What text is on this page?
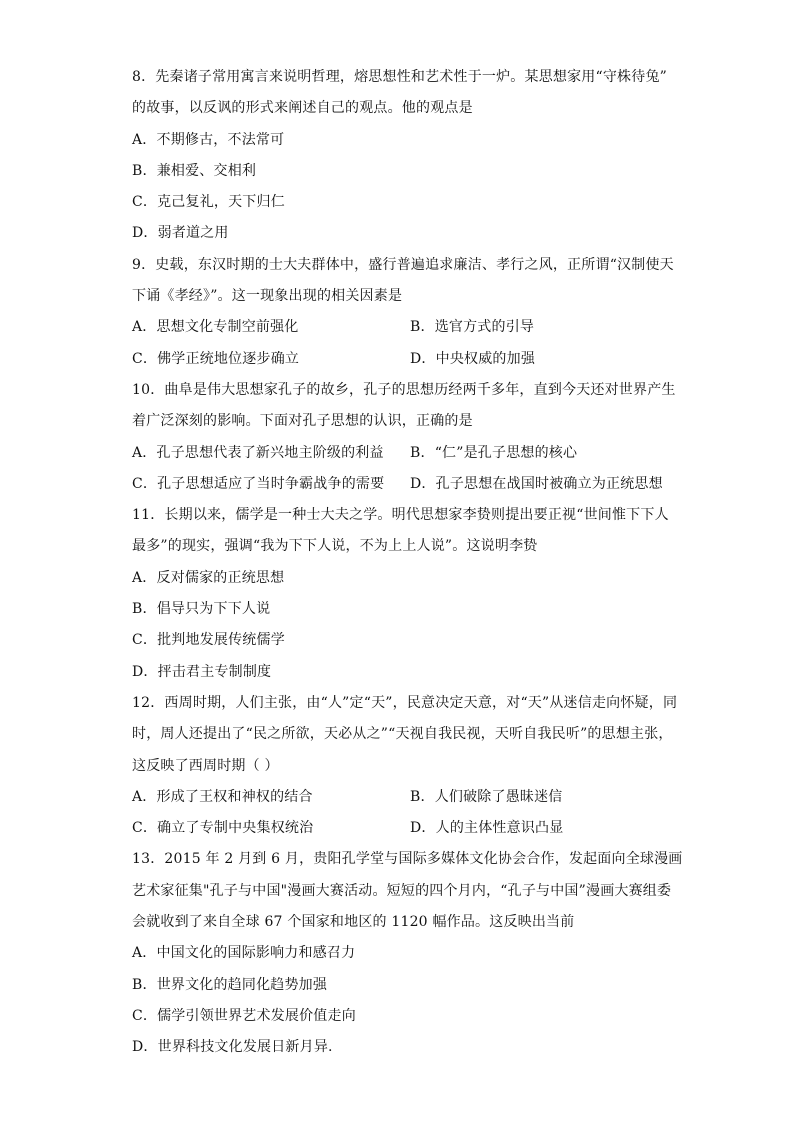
8．先秦诸子常用寓言来说明哲理，熔思想性和艺术性于一炉。某思想家用“守株待兔”
的故事，以反讽的形式来阐述自己的观点。他的观点是
A．不期修古，不法常可
B．兼相爱、交相利
C．克己复礼，天下归仁
D．弱者道之用
9．史载，东汉时期的士大夫群体中，盛行普遍追求廉洁、孝行之风，正所谓“汉制使天
下诵《孝经》”。这一现象出现的相关因素是
A．思想文化专制空前强化	B．选官方式的引导
C．佛学正统地位逐步确立	D．中央权威的加强
10．曲阜是伟大思想家孔子的故乡，孔子的思想历经两千多年，直到今天还对世界产生
着广泛深刻的影响。下面对孔子思想的认识，正确的是
A．孔子思想代表了新兴地主阶级的利益	B．“仁”是孔子思想的核心
C．孔子思想适应了当时争霸战争的需要	D．孔子思想在战国时被确立为正统思想
11．长期以来，儒学是一种士大夫之学。明代思想家李贽则提出要正视“世间惟下下人
最多”的现实，强调“我为下下人说，不为上上人说”。这说明李贽
A．反对儒家的正统思想
B．倡导只为下下人说
C．批判地发展传统儒学
D．抨击君主专制制度
12．西周时期，人们主张，由“人”定“天”，民意决定天意，对“天”从迷信走向怀疑，同
时，周人还提出了“民之所欲，天必从之”“天视自我民视，天听自我民听”的思想主张，
这反映了西周时期（ ）
A．形成了王权和神权的结合	B．人们破除了愚昧迷信
C．确立了专制中央集权统治	D．人的主体性意识凸显
13．2015 年 2 月到 6 月，贵阳孔学堂与国际多媒体文化协会合作，发起面向全球漫画
艺术家征集"孔子与中国"漫画大赛活动。短短的四个月内，“孔子与中国”漫画大赛组委
会就收到了来自全球 67 个国家和地区的 1120 幅作品。这反映出当前
A．中国文化的国际影响力和感召力
B．世界文化的趋同化趋势加强
C．儒学引领世界艺术发展价值走向
D．世界科技文化发展日新月异.
